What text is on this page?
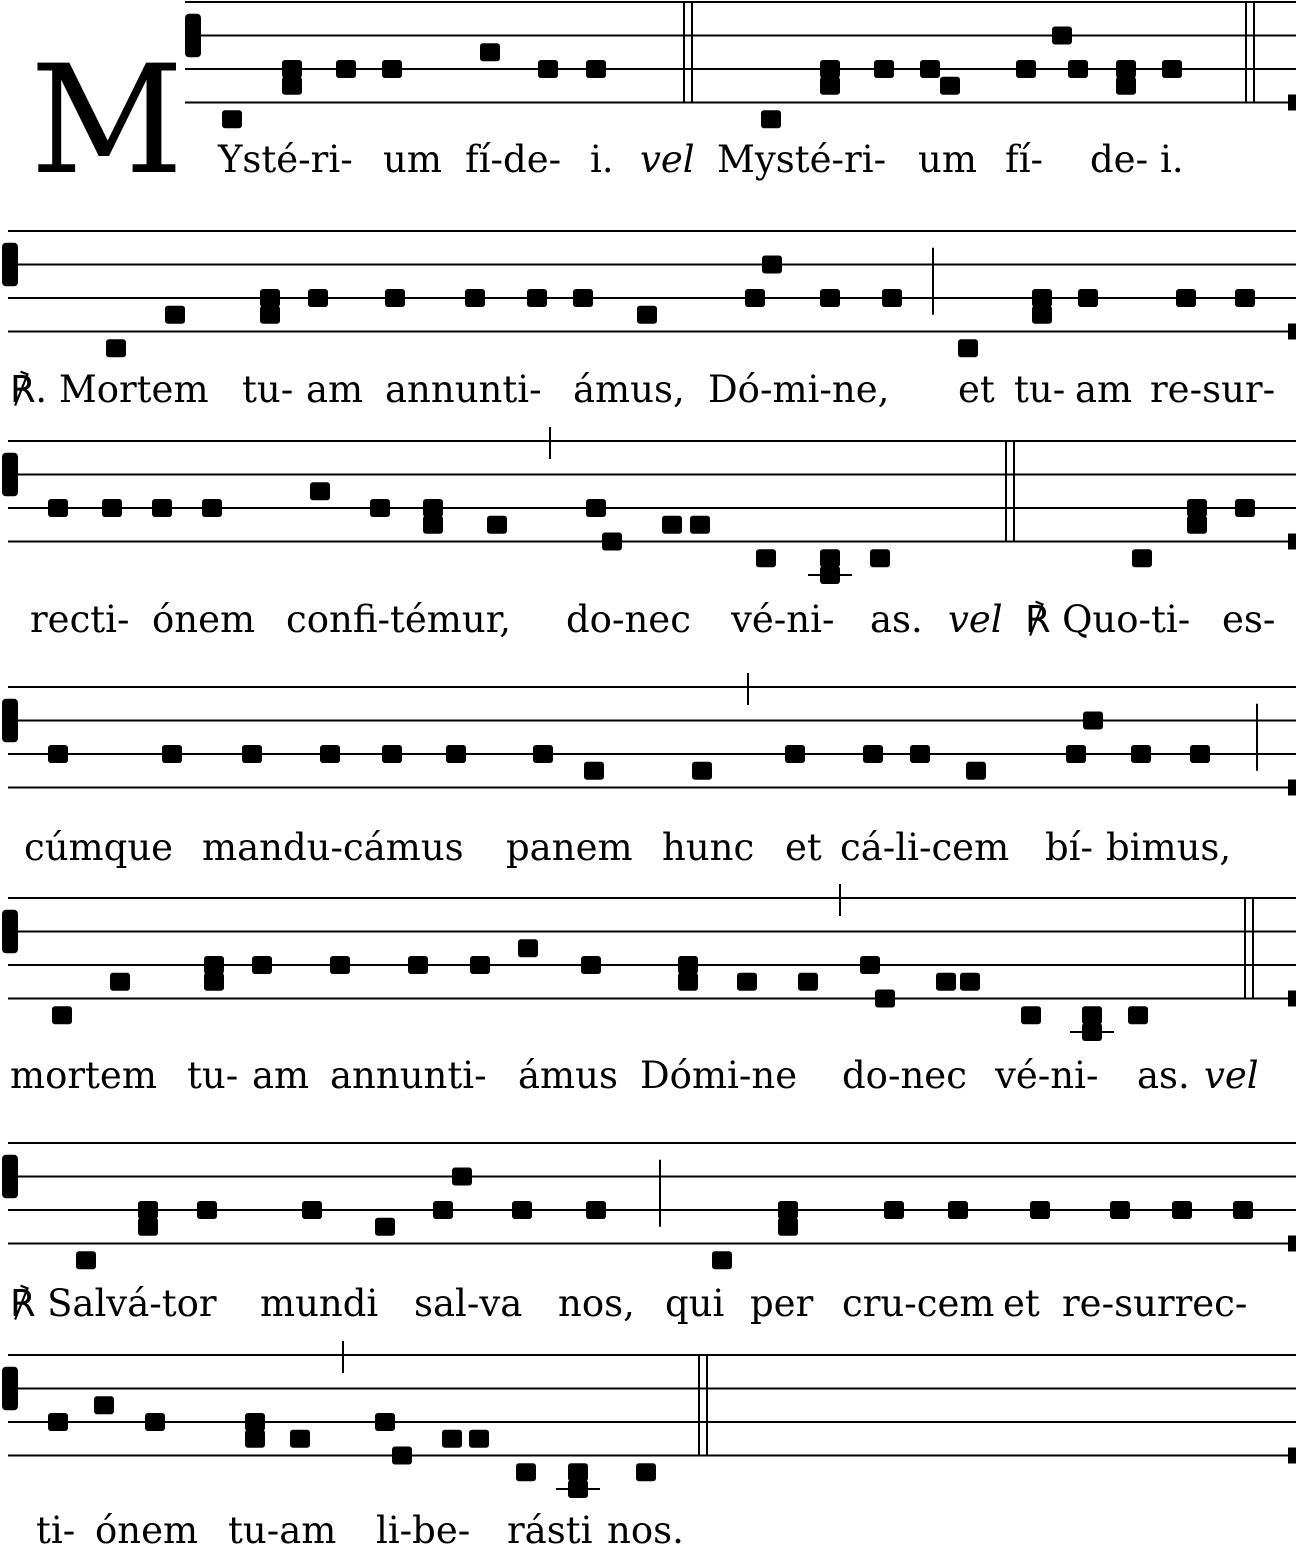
M Ysté-ri- um fí-de- i. vel Mysté-ri- um fí- de- i.
℟. Mortem tu- am annunti- ámus, Dó-mi-ne, et tu- am re-sur-
recti- ónem confi-témur, do-nec vé-ni- as. vel ℟ Quo-ti- es-
cúmque mandu-cámus panem hunc et cá-li-cem bí- bimus,
mortem tu- am annunti- ámus Dómi-ne do-nec vé-ni- as. vel
℟ Salvá-tor mundi sal-va nos, qui per cru-cem et re-surrec-
ti- ónem tu-am li-be- rásti nos.
